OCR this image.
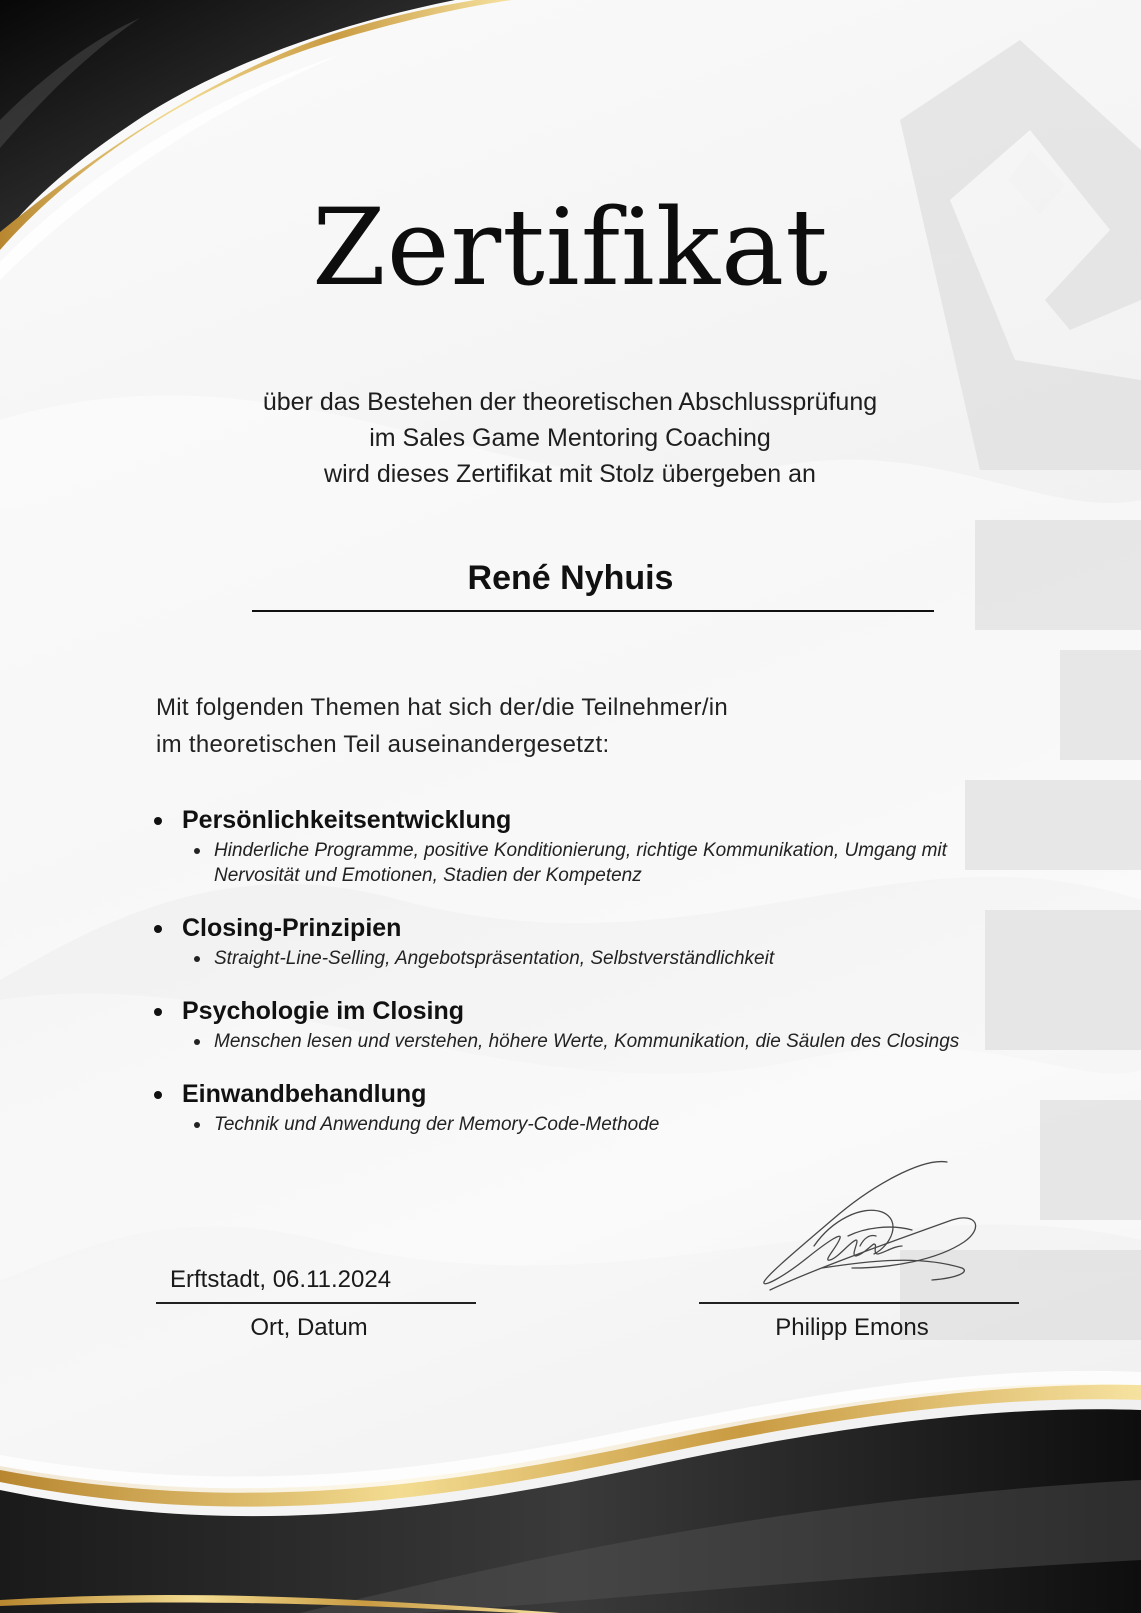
Zertifikat
über das Bestehen der theoretischen Abschlussprüfung
im Sales Game Mentoring Coaching
wird dieses Zertifikat mit Stolz übergeben an
René Nyhuis
Mit folgenden Themen hat sich der/die Teilnehmer/in
im theoretischen Teil auseinandergesetzt:
Persönlichkeitsentwicklung
Hinderliche Programme, positive Konditionierung, richtige Kommunikation, Umgang mit Nervosität und Emotionen, Stadien der Kompetenz
Closing-Prinzipien
Straight-Line-Selling, Angebotspräsentation, Selbstverständlichkeit
Psychologie im Closing
Menschen lesen und verstehen, höhere Werte, Kommunikation, die Säulen des Closings
Einwandbehandlung
Technik und Anwendung der Memory-Code-Methode
Erftstadt, 06.11.2024
Ort, Datum	Philipp Emons
